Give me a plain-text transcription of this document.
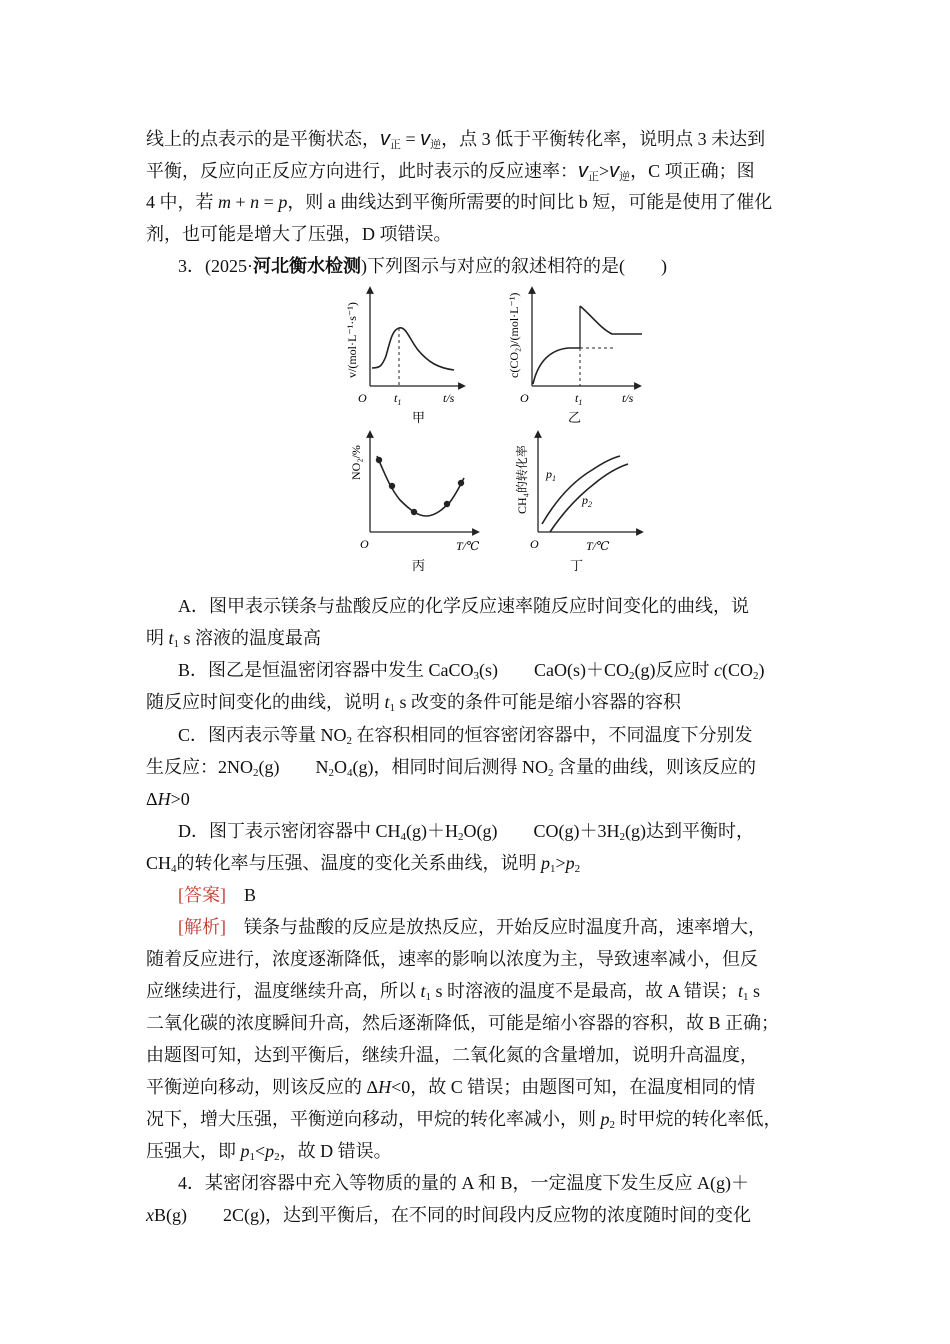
线上的点表示的是平衡状态，$v_正 = v_逆$，点 3 低于平衡转化率，说明点 3 未达到
平衡，反应向正反应方向进行，此时表示的反应速率：$v_正>v_逆$，C 项正确；图
4 中，若 m + n = p，则 a 曲线达到平衡所需要的时间比 b 短，可能是使用了催化
剂，也可能是增大了压强，D 项错误。
3．(2025·河北衡水检测)下列图示与对应的叙述相符的是(　　)
v/(mol·L⁻¹·s⁻¹)
O $t_1$	t/s
甲
c(CO₂)/(mol·L⁻¹)
O	$t_1$	t/s
乙
NO₂/%
O	T/℃
丙
CH₄的转化率 $p_1$
$p_2$
O	T/℃
丁
A．图甲表示镁条与盐酸反应的化学反应速率随反应时间变化的曲线，说
明 $t_1$ s 溶液的温度最高
B．图乙是恒温密闭容器中发生 CaCO$_3$(s)　　$CaO(s)+CO_2(g)$反应时 $c(CO_2)$
随反应时间变化的曲线，说明 $t_1$ s 改变的条件可能是缩小容器的容积
C．图丙表示等量 $NO_2$ 在容积相同的恒容密闭容器中，不同温度下分别发
生反应：$2NO_2(g)$　　$N_2O_4(g)$，相同时间后测得 $NO_2$ 含量的曲线，则该反应的
ΔH>0
D．图丁表示密闭容器中 $CH_4(g)+H_2O(g)$　　$CO(g)+3H_2(g)$达到平衡时，
$CH_4$的转化率与压强、温度的变化关系曲线，说明 $p_1>p_2$
[答案]　 B
[解析]　 镁条与盐酸的反应是放热反应，开始反应时温度升高，速率增大，
随着反应进行，浓度逐渐降低，速率的影响以浓度为主，导致速率减小，但反
应继续进行，温度继续升高，所以 $t_1$ s 时溶液的温度不是最高，故 A 错误；$t_1$ s
二氧化碳的浓度瞬间升高，然后逐渐降低，可能是缩小容器的容积，故 B 正确；
由题图可知，达到平衡后，继续升温，二氧化氮的含量增加，说明升高温度，
平衡逆向移动，则该反应的 ΔH<0，故 C 错误；由题图可知，在温度相同的情
况下，增大压强，平衡逆向移动，甲烷的转化率减小，则 $p_2$ 时甲烷的转化率低，
压强大，即 $p_1<p_2$，故 D 错误。
4．某密闭容器中充入等物质的量的 A 和 B，一定温度下发生反应 A(g)＋
xB(g)　　2C(g)，达到平衡后，在不同的时间段内反应物的浓度随时间的变化
